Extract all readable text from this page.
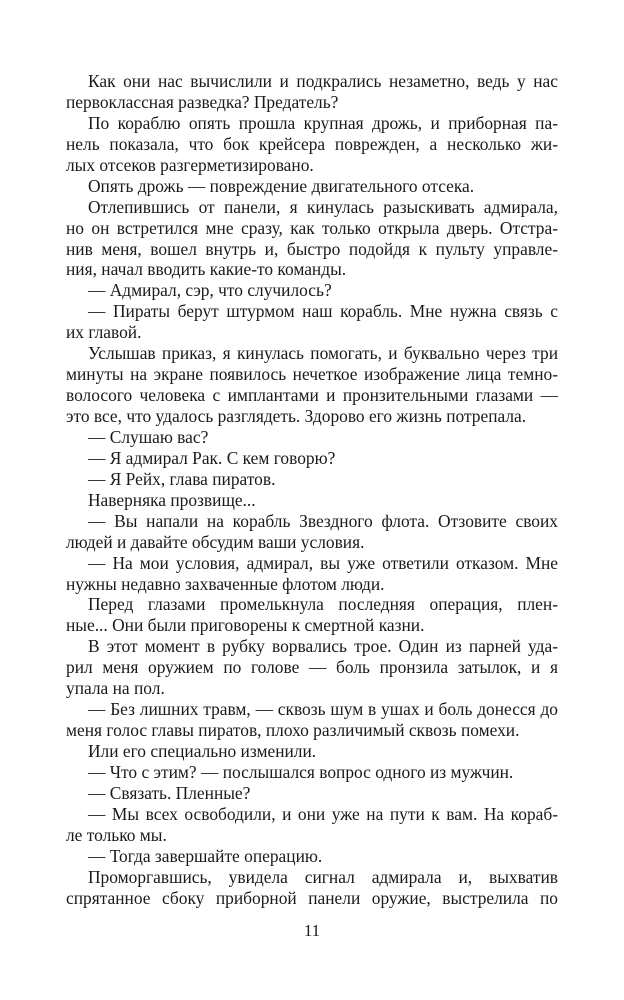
Как они нас вычислили и подкрались незаметно, ведь у нас
первоклассная разведка? Предатель?
По кораблю опять прошла крупная дрожь, и приборная па-
нель показала, что бок крейсера поврежден, а несколько жи-
лых отсеков разгерметизировано.
Опять дрожь — повреждение двигательного отсека.
Отлепившись от панели, я кинулась разыскивать адмирала,
но он встретился мне сразу, как только открыла дверь. Отстра-
нив меня, вошел внутрь и, быстро подойдя к пульту управле-
ния, начал вводить какие-то команды.
— Адмирал, сэр, что случилось?
— Пираты берут штурмом наш корабль. Мне нужна связь с
их главой.
Услышав приказ, я кинулась помогать, и буквально через три
минуты на экране появилось нечеткое изображение лица темно-
волосого человека с имплантами и пронзительными глазами —
это все, что удалось разглядеть. Здорово его жизнь потрепала.
— Слушаю вас?
— Я адмирал Рак. С кем говорю?
— Я Рейх, глава пиратов.
Наверняка прозвище...
— Вы напали на корабль Звездного флота. Отзовите своих
людей и давайте обсудим ваши условия.
— На мои условия, адмирал, вы уже ответили отказом. Мне
нужны недавно захваченные флотом люди.
Перед глазами промелькнула последняя операция, плен-
ные... Они были приговорены к смертной казни.
В этот момент в рубку ворвались трое. Один из парней уда-
рил меня оружием по голове — боль пронзила затылок, и я
упала на пол.
— Без лишних травм, — сквозь шум в ушах и боль донесся до
меня голос главы пиратов, плохо различимый сквозь помехи.
Или его специально изменили.
— Что с этим? — послышался вопрос одного из мужчин.
— Связать. Пленные?
— Мы всех освободили, и они уже на пути к вам. На кораб-
ле только мы.
— Тогда завершайте операцию.
Проморгавшись, увидела сигнал адмирала и, выхватив
спрятанное сбоку приборной панели оружие, выстрелила по
11
